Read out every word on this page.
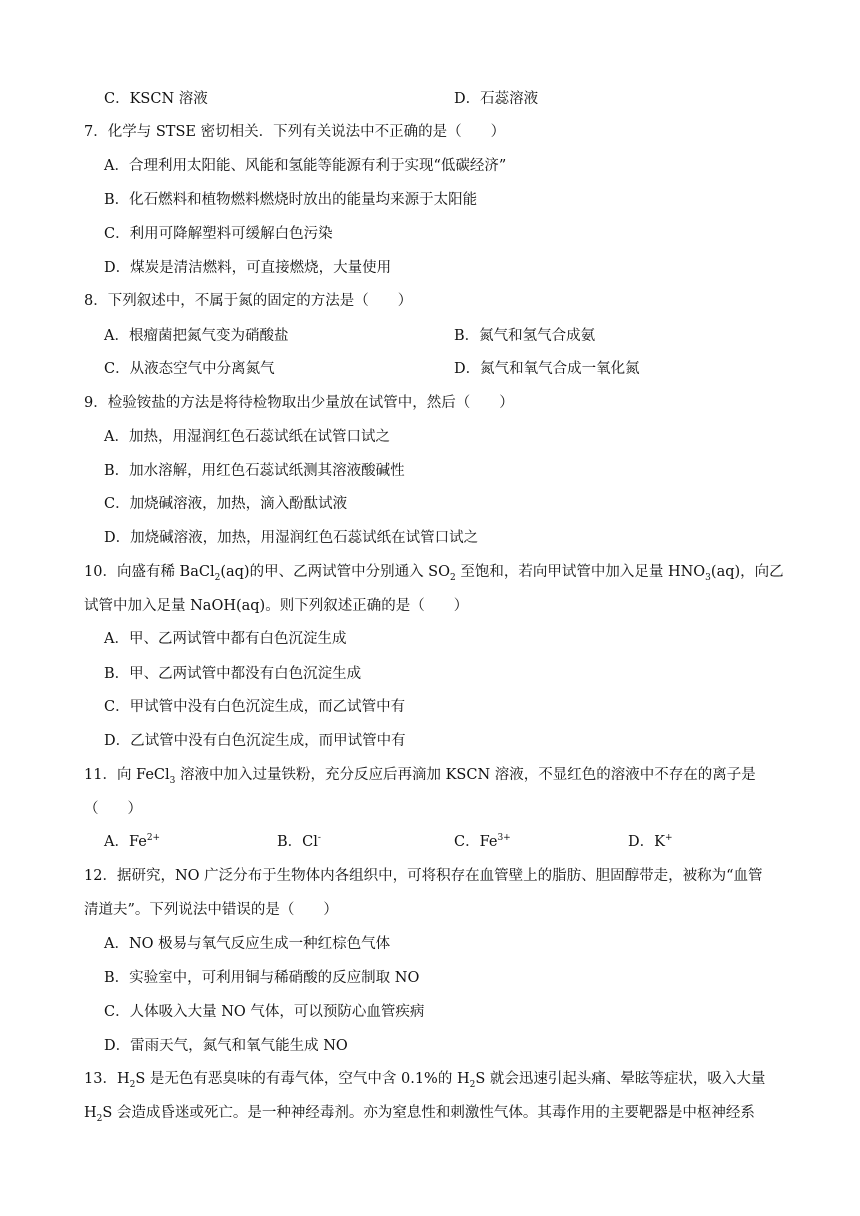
C．KSCN 溶液	D．石蕊溶液
7．化学与 STSE 密切相关．下列有关说法中不正确的是（　　）
A．合理利用太阳能、风能和氢能等能源有利于实现“低碳经济”
B．化石燃料和植物燃料燃烧时放出的能量均来源于太阳能
C．利用可降解塑料可缓解白色污染
D．煤炭是清洁燃料，可直接燃烧，大量使用
8．下列叙述中，不属于氮的固定的方法是（　　）
A．根瘤菌把氮气变为硝酸盐	B．氮气和氢气合成氨
C．从液态空气中分离氮气	D．氮气和氧气合成一氧化氮
9．检验铵盐的方法是将待检物取出少量放在试管中，然后（　　）
A．加热，用湿润红色石蕊试纸在试管口试之
B．加水溶解，用红色石蕊试纸测其溶液酸碱性
C．加烧碱溶液，加热，滴入酚酞试液
D．加烧碱溶液，加热，用湿润红色石蕊试纸在试管口试之
10．向盛有稀 BaCl$_2$(aq)的甲、乙两试管中分别通入 $SO_2$ 至饱和，若向甲试管中加入足量 $HNO_3(aq)$，向乙
试管中加入足量 NaOH(aq)。则下列叙述正确的是（　　）
A．甲、乙两试管中都有白色沉淀生成
B．甲、乙两试管中都没有白色沉淀生成
C．甲试管中没有白色沉淀生成，而乙试管中有
D．乙试管中没有白色沉淀生成，而甲试管中有
11．向 FeCl$_3$ 溶液中加入过量铁粉，充分反应后再滴加 KSCN 溶液，不显红色的溶液中不存在的离子是
（　　）
A．$Fe^{2+}$	B．Cl-	C．$Fe^{3+}$	D．K+
12．据研究，NO 广泛分布于生物体内各组织中，可将积存在血管壁上的脂肪、胆固醇带走，被称为“血管
清道夫”。下列说法中错误的是（　　）
A．NO 极易与氧气反应生成一种红棕色气体
B．实验室中，可利用铜与稀硝酸的反应制取 NO
C．人体吸入大量 NO 气体，可以预防心血管疾病
D．雷雨天气，氮气和氧气能生成 NO
13．$H_2S$ 是无色有恶臭味的有毒气体，空气中含 0.1%的 $H_2S$ 就会迅速引起头痛、晕眩等症状，吸入大量
$H_2S$ 会造成昏迷或死亡。是一种神经毒剂。亦为窒息性和刺激性气体。其毒作用的主要靶器是中枢神经系
